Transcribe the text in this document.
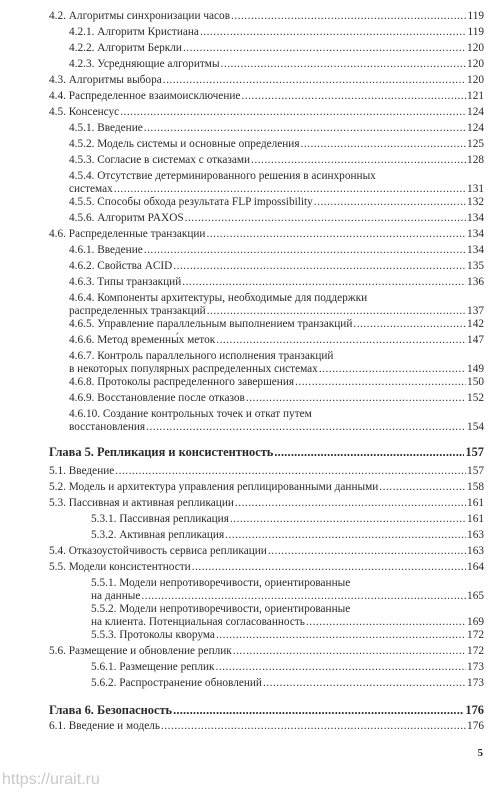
4.2. Алгоритмы синхронизации часов .....	119
4.2.1. Алгоритм Кристиана .....	119
4.2.2. Алгоритм Беркли .....	120
4.2.3. Усредняющие алгоритмы .....	120
4.3. Алгоритмы выбора .....	120
4.4. Распределенное взаимоисключение .....	121
4.5. Консенсус .....	124
4.5.1. Введение .....	124
4.5.2. Модель системы и основные определения .....	125
4.5.3. Согласие в системах с отказами .....	128
4.5.4. Отсутствие детерминированного решения в асинхронных
системах .....	131
4.5.5. Способы обхода результата FLP impossibility .....	132
4.5.6. Алгоритм PAXOS .....	134
4.6. Распределенные транзакции .....	134
4.6.1. Введение .....	134
4.6.2. Свойства ACID .....	135
4.6.3. Типы транзакций .....	136
4.6.4. Компоненты архитектуры, необходимые для поддержки
распределенных транзакций .....	137
4.6.5. Управление параллельным выполнением транзакций .....	142
4.6.6. Метод временны́х меток .....	147
4.6.7. Контроль параллельного исполнения транзакций
в некоторых популярных распределенных системах .....	149
4.6.8. Протоколы распределенного завершения .....	150
4.6.9. Восстановление после отказов .....	152
4.6.10. Создание контрольных точек и откат путем
восстановления .....	154
Глава 5. Репликация и консистентность .....	157
5.1. Введение .....	157
5.2. Модель и архитектура управления реплицированными данными .....	158
5.3. Пассивная и активная репликации .....	161
5.3.1. Пассивная репликация .....	161
5.3.2. Активная репликация .....	163
5.4. Отказоустойчивость сервиса репликации .....	163
5.5. Модели консистентности .....	164
5.5.1. Модели непротиворечивости, ориентированные
на данные .....	165
5.5.2. Модели непротиворечивости, ориентированные
на клиента. Потенциальная согласованность .....	169
5.5.3. Протоколы кворума .....	172
5.6. Размещение и обновление реплик .....	172
5.6.1. Размещение реплик .....	173
5.6.2. Распространение обновлений .....	173
Глава 6. Безопасность .....	176
6.1. Введение и модель .....	176
5
https://urait.ru
